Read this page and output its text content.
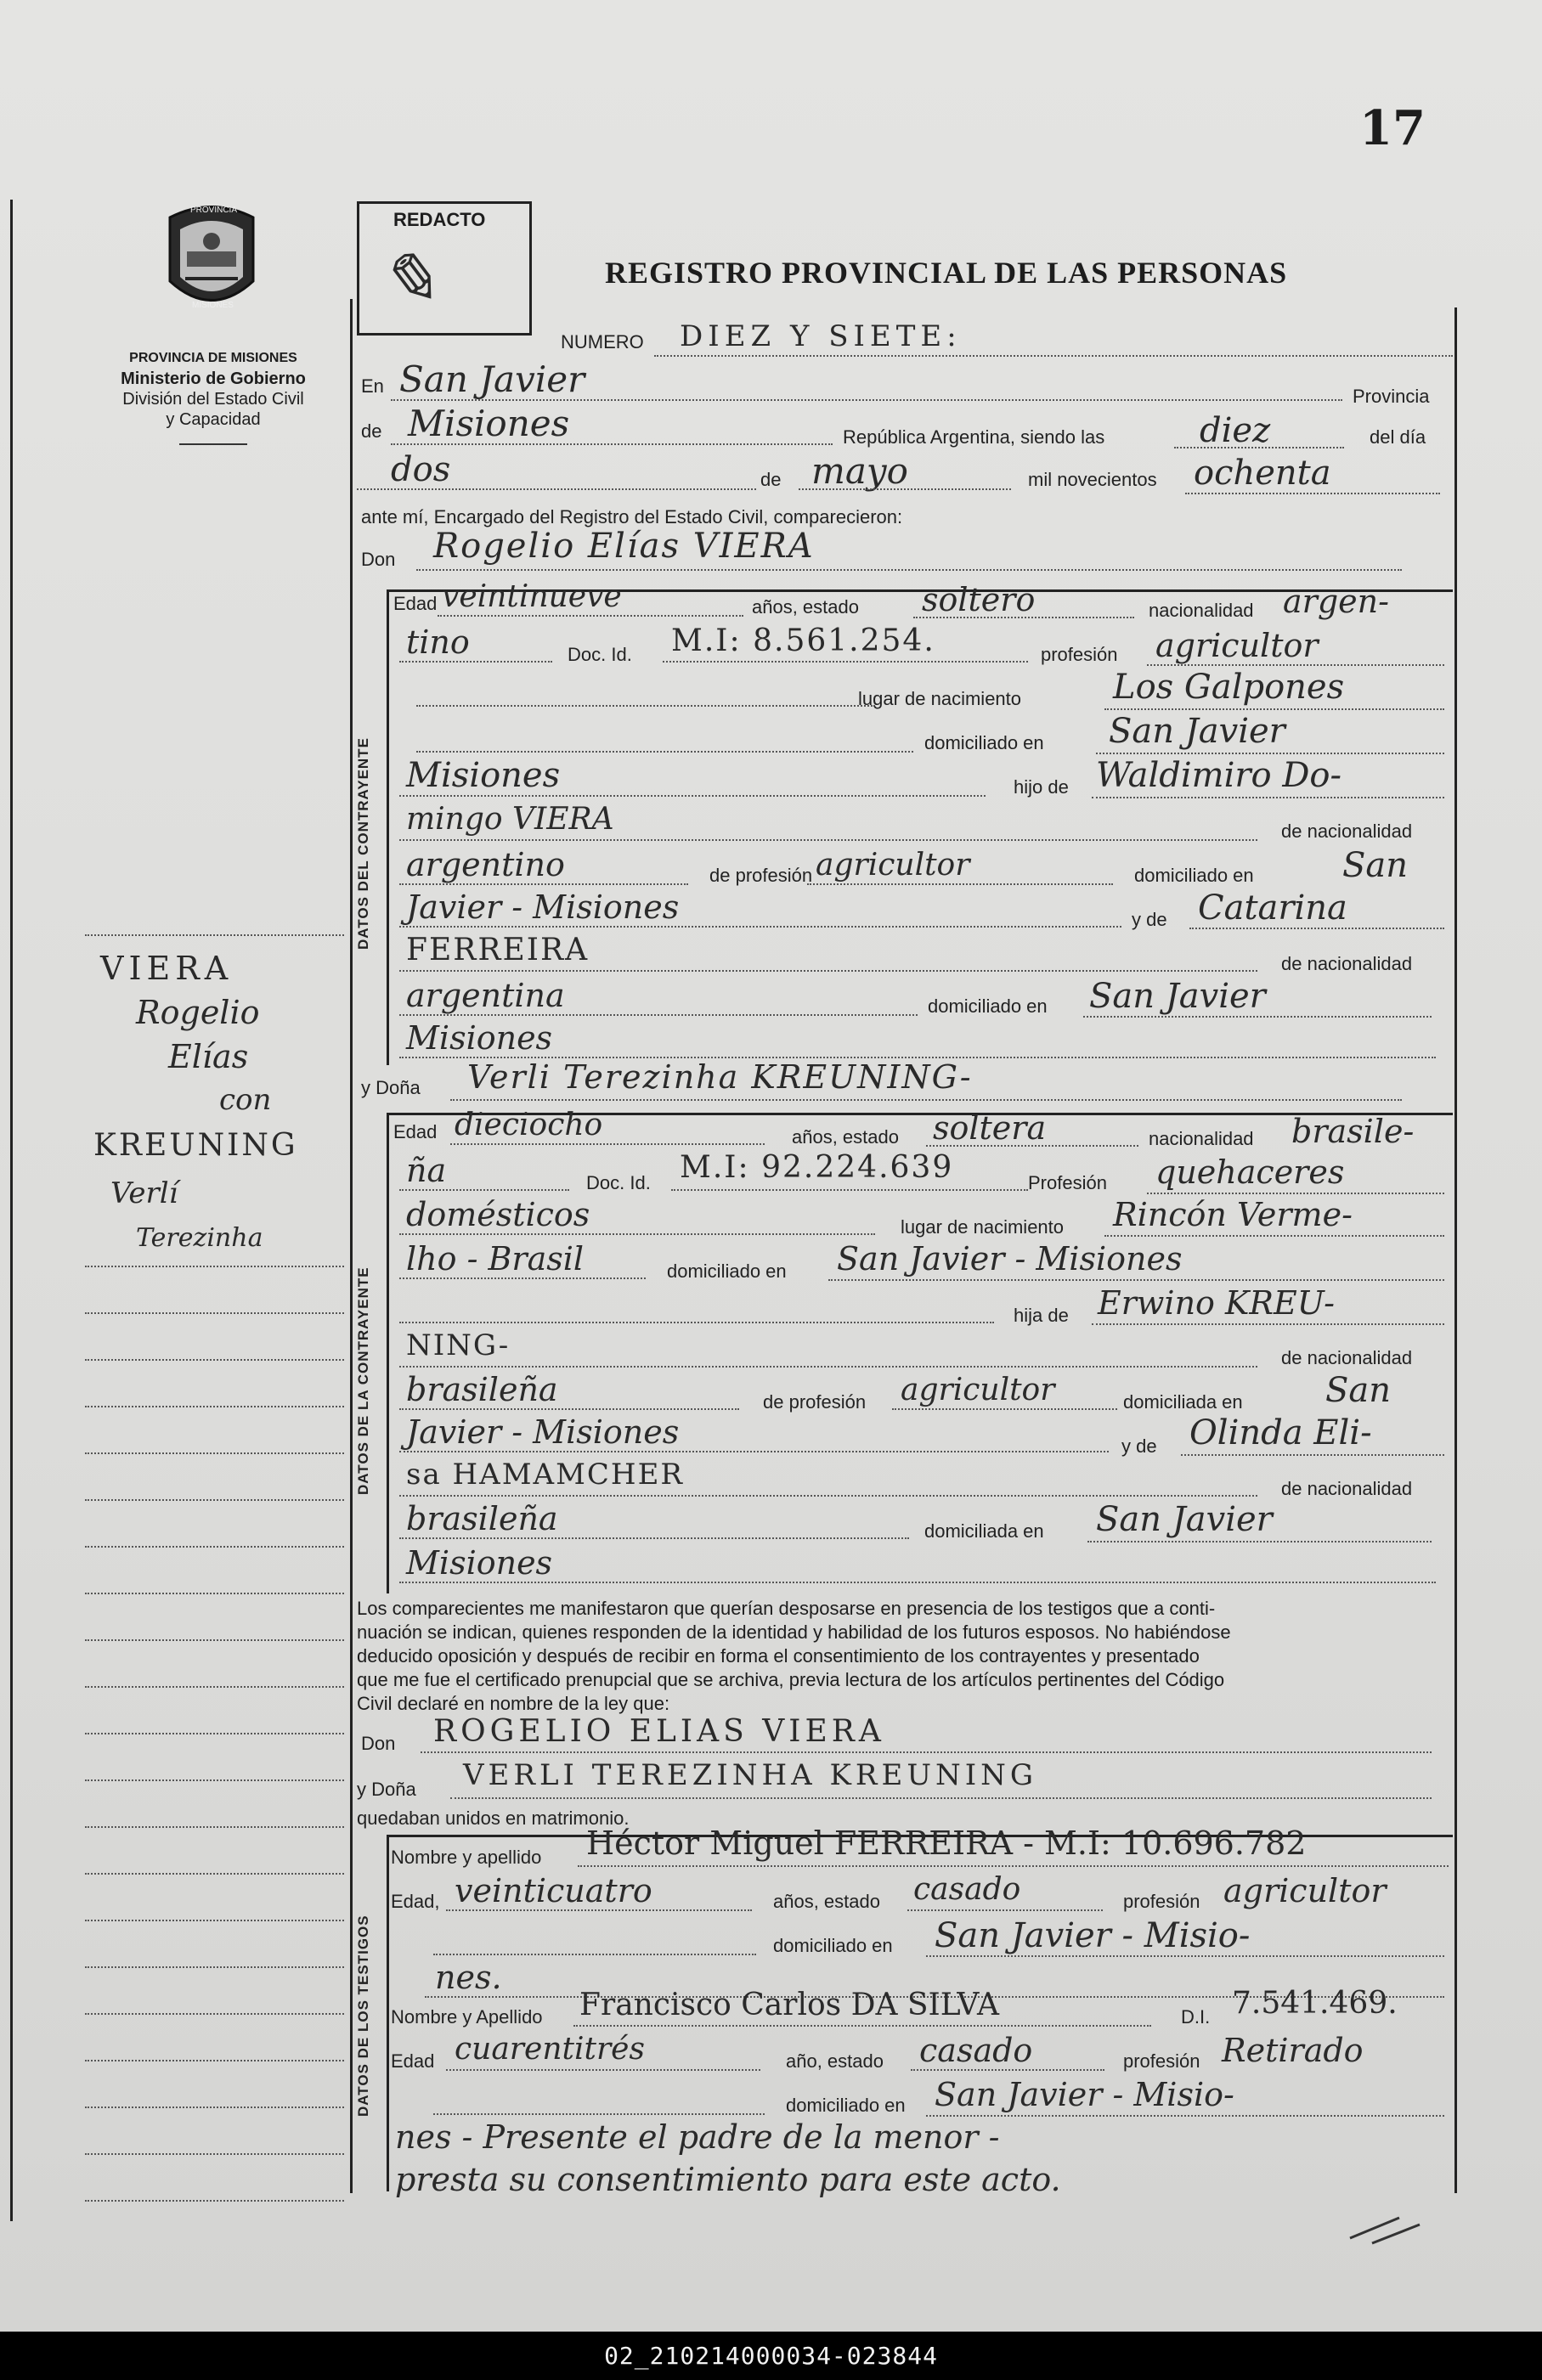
17
PROVINCIA
MISIONES
PROVINCIA DE MISIONES
Ministerio de Gobierno
División del Estado Civil
y Capacidad
VIERA
Rogelio
Elías
con
KREUNING
Verlí
Terezinha
REDACTO
✎	REGISTRO PROVINCIAL DE LAS PERSONAS
NUMERO DIEZ Y SIETE:
En San Javier	Provincia
de Misiones	República Argentina, siendo las	diez	del día
dos	de mayo	mil novecientos ochenta
ante mí, Encargado del Registro del Estado Civil, comparecieron:
Don Rogelio Elías VIERA
DATOS DEL CONTRAYENTE
Edad veintinueve	años, estado soltero	nacionalidad argen-
tino	Doc. Id. M.I: 8.561.254.	profesión agricultor
lugar de nacimiento	Los Galpones
domiciliado en San Javier
Misiones	hijo de Waldimiro Do-
mingo VIERA	de nacionalidad
argentino	de profesión agricultor	domiciliado en	San
Javier - Misiones	y de Catarina
FERREIRA	de nacionalidad
argentina	domiciliado en San Javier
Misiones
y Doña Verli Terezinha KREUNING-
DATOS DE LA CONTRAYENTE
Edad dieciocho	años, estado soltera	nacionalidad brasile-
ña	Doc. Id. M.I: 92.224.639	Profesión quehaceres
domésticos	lugar de nacimiento Rincón Verme-
lho - Brasil	domiciliado en San Javier - Misiones
hija de Erwino KREU-
NING-	de nacionalidad
brasileña	de profesión agricultor	domiciliada en San
Javier - Misiones	y de Olinda Eli-
sa HAMAMCHER	de nacionalidad
brasileña	domiciliada en San Javier
Misiones
Los comparecientes me manifestaron que querían desposarse en presencia de los testigos que a conti-
nuación se indican, quienes responden de la identidad y habilidad de los futuros esposos. No habiéndose
deducido oposición y después de recibir en forma el consentimiento de los contrayentes y presentado
que me fue el certificado prenupcial que se archiva, previa lectura de los artículos pertinentes del Código
Civil declaré en nombre de la ley que:
Don ROGELIO ELIAS VIERA
y Doña VERLI TEREZINHA KREUNING
quedaban unidos en matrimonio.
DATOS DE LOS TESTIGOS
Nombre y apellido Héctor Miguel FERREIRA - M.I: 10.696.782
Edad, veinticuatro	años, estado casado	profesión agricultor
domiciliado en San Javier - Misio-
nes.
Nombre y Apellido Francisco Carlos DA SILVA	D.I. 7.541.469.
Edad cuarentitrés	año, estado casado	profesión Retirado
domiciliado en San Javier - Misio-
nes - Presente el padre de la menor -
presta su consentimiento para este acto.
02_210214000034-023844
